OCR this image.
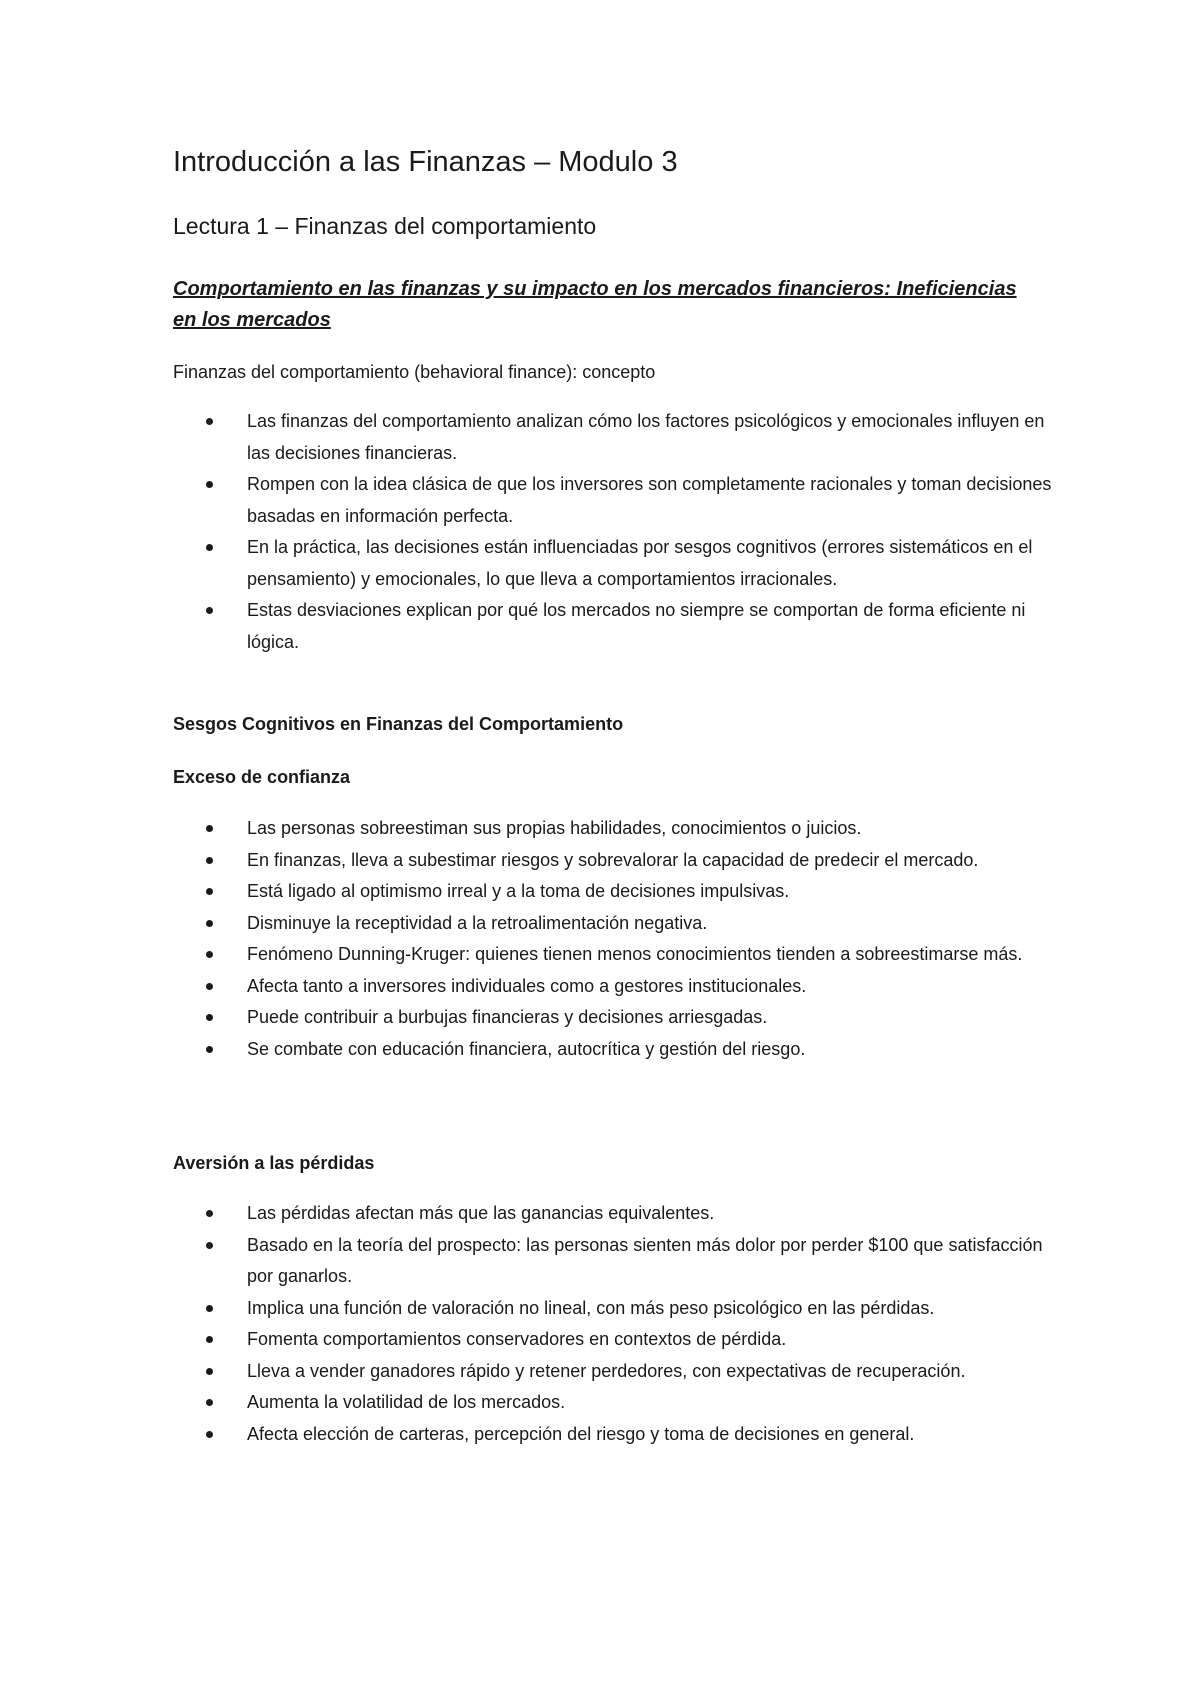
Introducción a las Finanzas – Modulo 3
Lectura 1 – Finanzas del comportamiento

Comportamiento en las finanzas y su impacto en los mercados financieros: Ineficiencias en los mercados

Finanzas del comportamiento (behavioral finance): concepto

Las finanzas del comportamiento analizan cómo los factores psicológicos y emocionales influyen en las decisiones financieras.
Rompen con la idea clásica de que los inversores son completamente racionales y toman decisiones basadas en información perfecta.
En la práctica, las decisiones están influenciadas por sesgos cognitivos (errores sistemáticos en el pensamiento) y emocionales, lo que lleva a comportamientos irracionales.
Estas desviaciones explican por qué los mercados no siempre se comportan de forma eficiente ni lógica.

Sesgos Cognitivos en Finanzas del Comportamiento

Exceso de confianza

Las personas sobreestiman sus propias habilidades, conocimientos o juicios.
En finanzas, lleva a subestimar riesgos y sobrevalorar la capacidad de predecir el mercado.
Está ligado al optimismo irreal y a la toma de decisiones impulsivas.
Disminuye la receptividad a la retroalimentación negativa.
Fenómeno Dunning-Kruger: quienes tienen menos conocimientos tienden a sobreestimarse más.
Afecta tanto a inversores individuales como a gestores institucionales.
Puede contribuir a burbujas financieras y decisiones arriesgadas.
Se combate con educación financiera, autocrítica y gestión del riesgo.

Aversión a las pérdidas

Las pérdidas afectan más que las ganancias equivalentes.
Basado en la teoría del prospecto: las personas sienten más dolor por perder $100 que satisfacción por ganarlos.
Implica una función de valoración no lineal, con más peso psicológico en las pérdidas.
Fomenta comportamientos conservadores en contextos de pérdida.
Lleva a vender ganadores rápido y retener perdedores, con expectativas de recuperación.
Aumenta la volatilidad de los mercados.
Afecta elección de carteras, percepción del riesgo y toma de decisiones en general.
